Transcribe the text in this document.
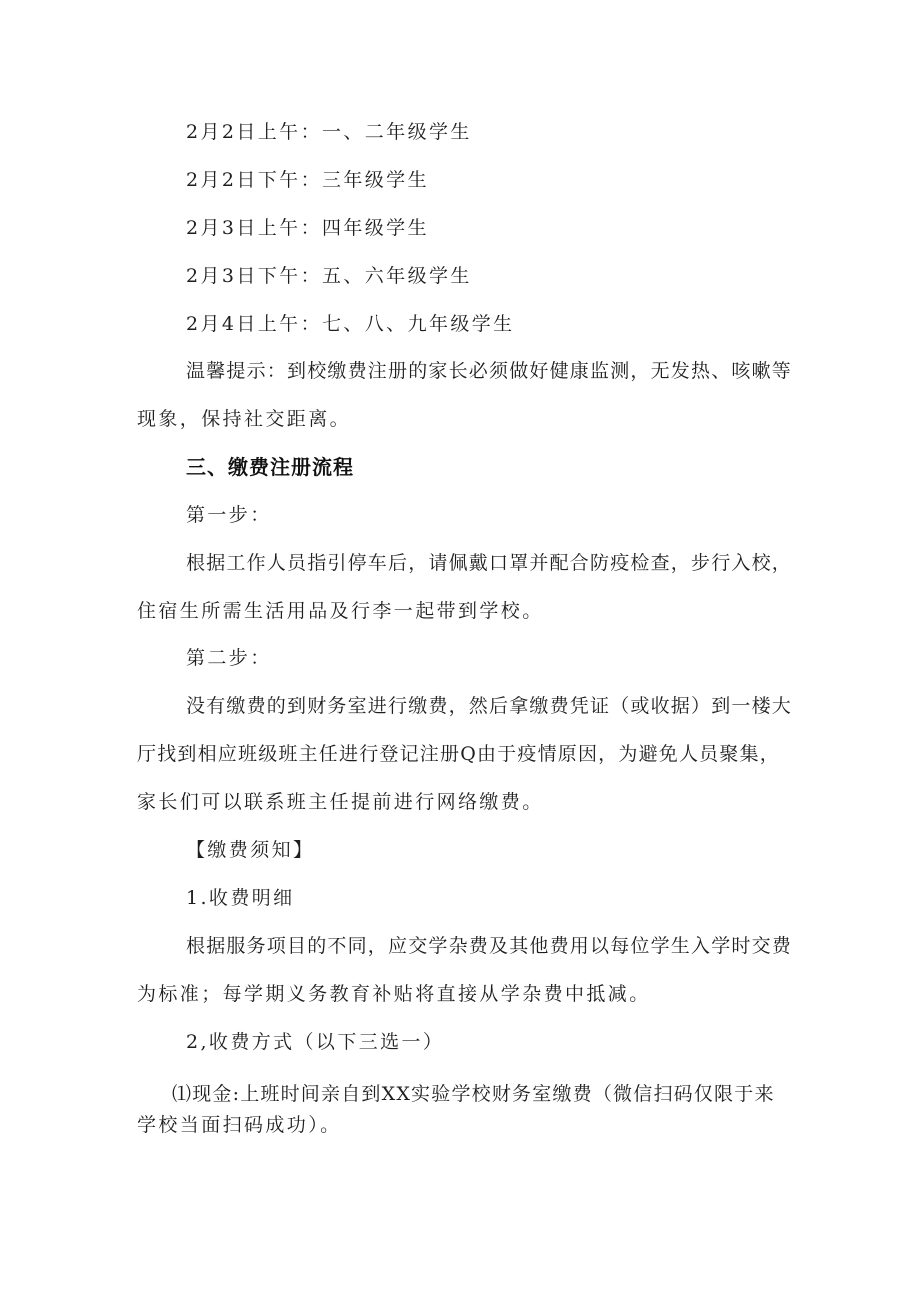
2月2日上午：一、二年级学生
2月2日下午：三年级学生
2月3日上午：四年级学生
2月3日下午：五、六年级学生
2月4日上午：七、八、九年级学生
温馨提示：到校缴费注册的家长必须做好健康监测，无发热、咳嗽等
现象，保持社交距离。
三、缴费注册流程
第一步：
根据工作人员指引停车后，请佩戴口罩并配合防疫检查，步行入校，
住宿生所需生活用品及行李一起带到学校。
第二步：
没有缴费的到财务室进行缴费，然后拿缴费凭证（或收据）到一楼大
厅找到相应班级班主任进行登记注册Q由于疫情原因，为避免人员聚集，
家长们可以联系班主任提前进行网络缴费。
【缴费须知】
1.收费明细
根据服务项目的不同，应交学杂费及其他费用以每位学生入学时交费
为标准；每学期义务教育补贴将直接从学杂费中抵减。
2,收费方式（以下三选一）
⑴现金:上班时间亲自到XX实验学校财务室缴费（微信扫码仅限于来
学校当面扫码成功）。
